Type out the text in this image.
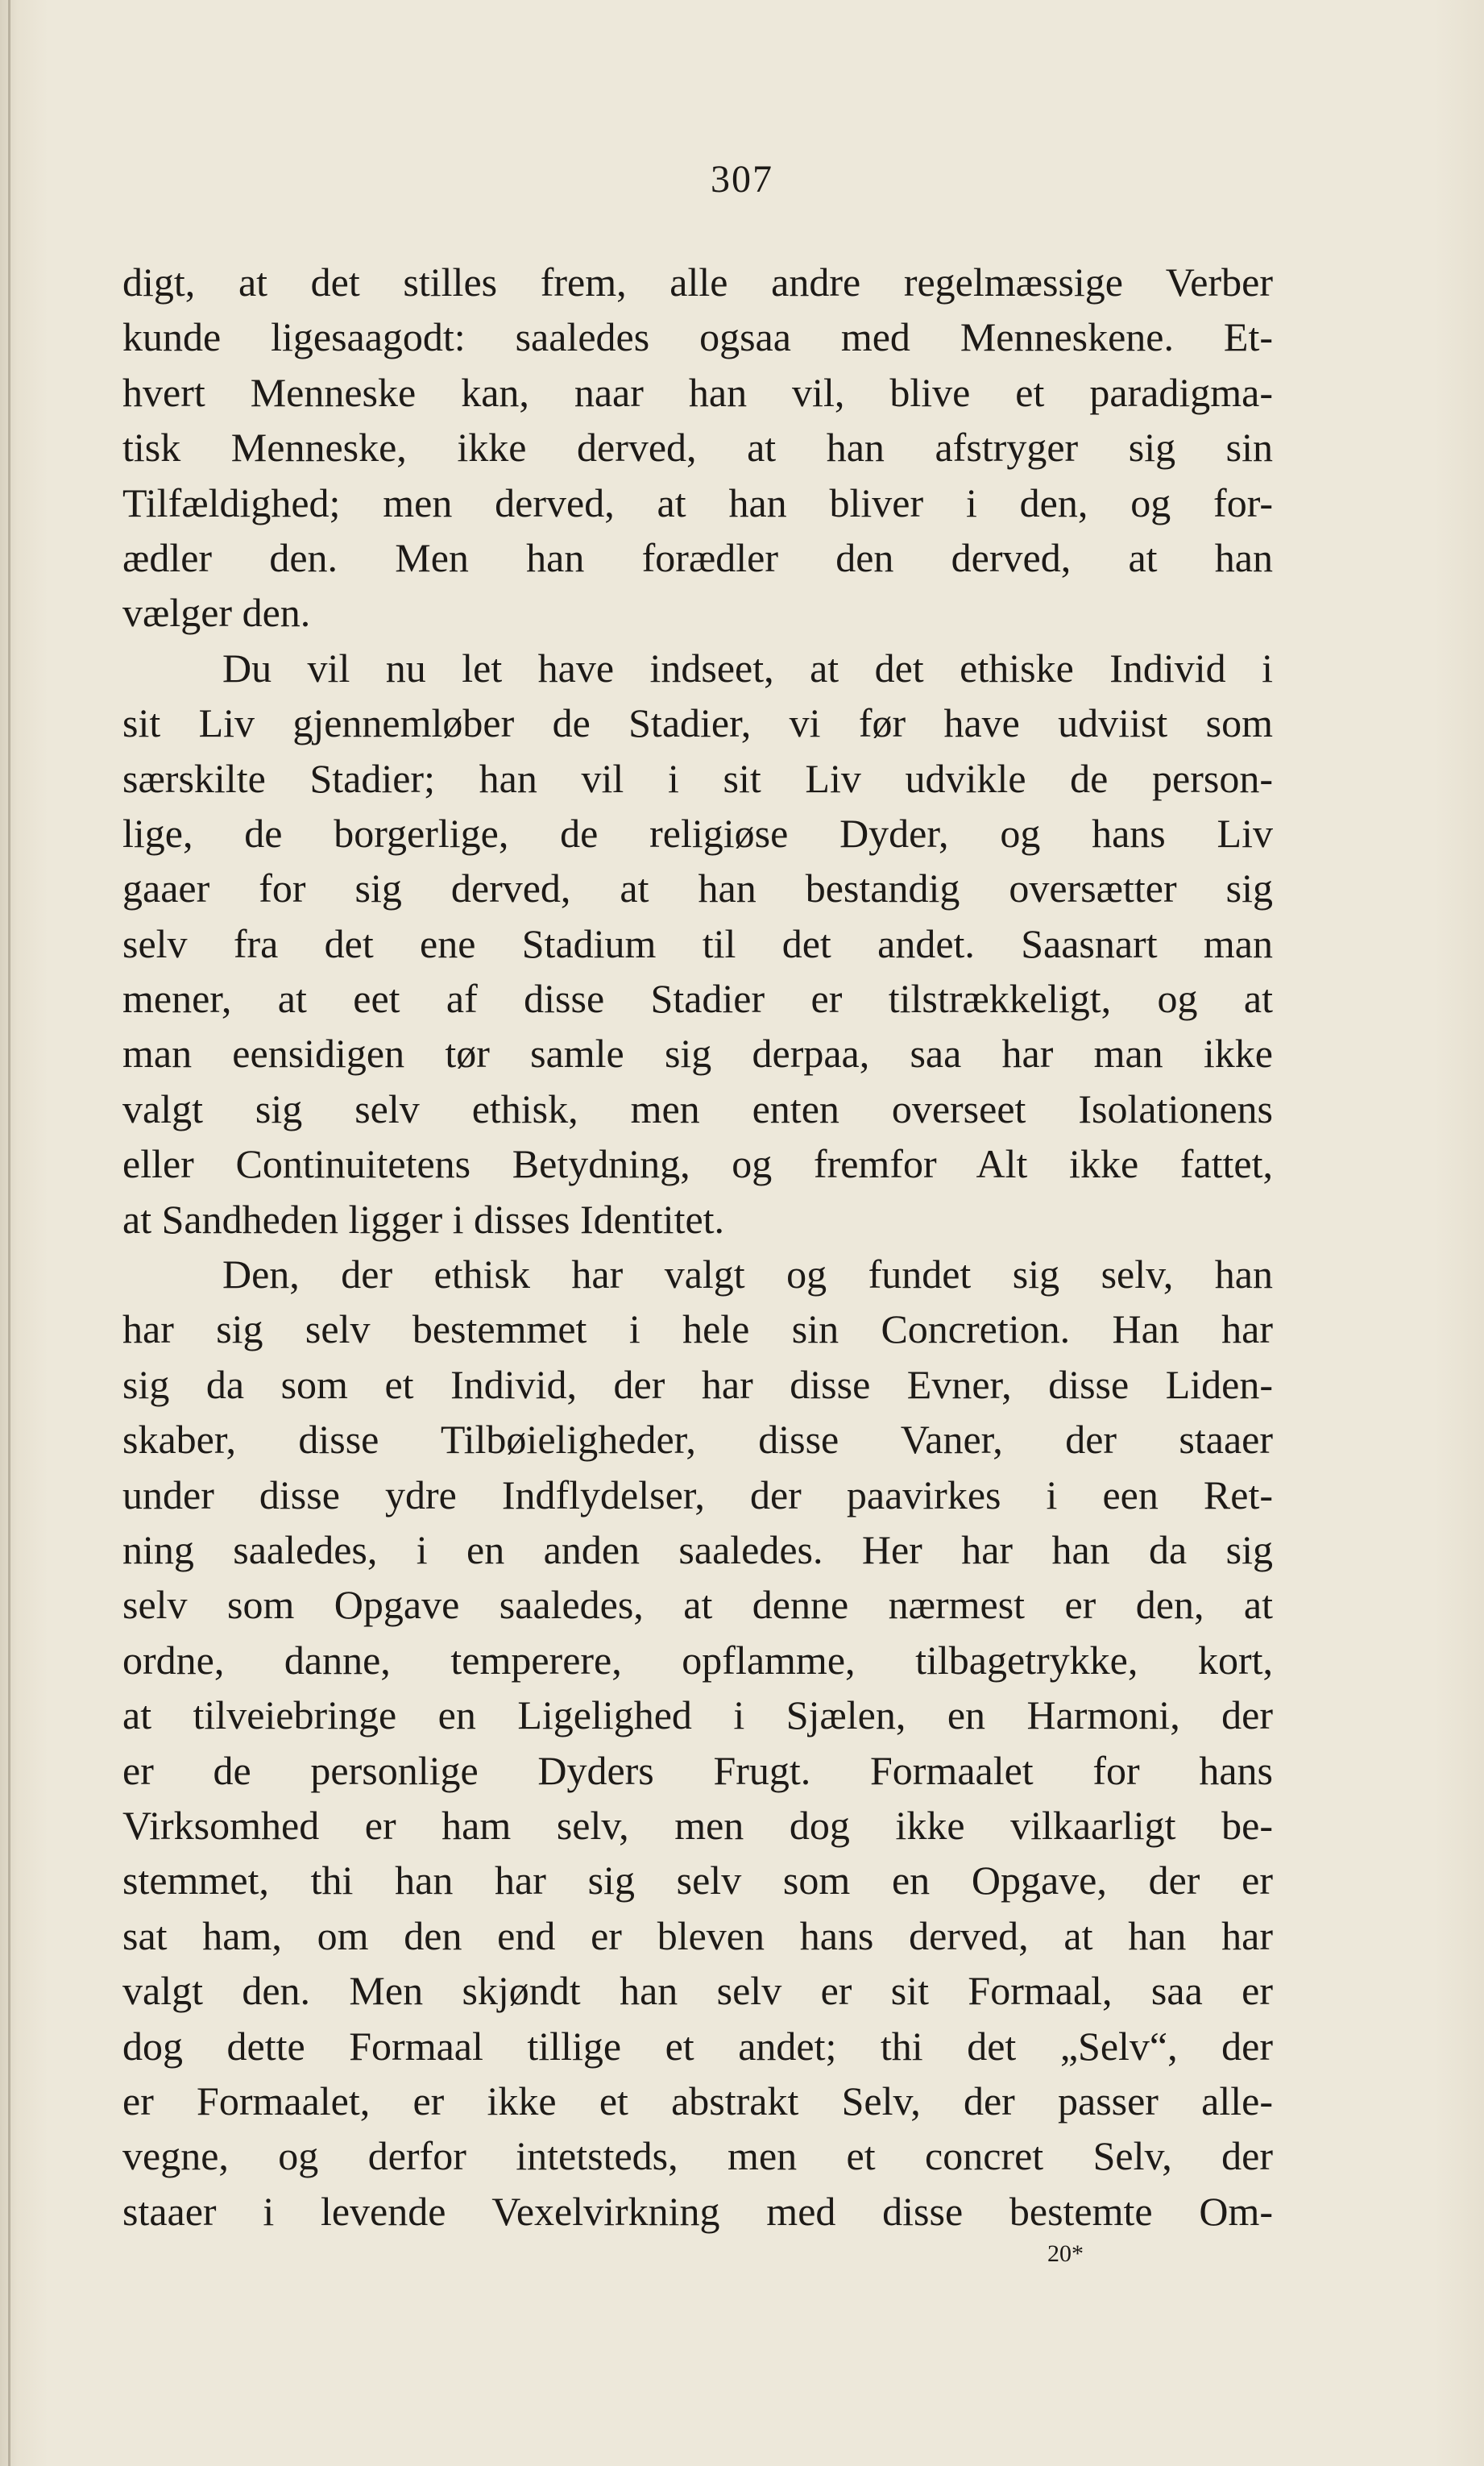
307
digt, at det stilles frem, alle andre regelmæssige Verber
kunde ligesaagodt: saaledes ogsaa med Menneskene. Et-
hvert Menneske kan, naar han vil, blive et paradigma-
tisk Menneske, ikke derved, at han afstryger sig sin
Tilfældighed; men derved, at han bliver i den, og for-
ædler den. Men han forædler den derved, at han
vælger den.
Du vil nu let have indseet, at det ethiske Individ i
sit Liv gjennemløber de Stadier, vi før have udviist som
særskilte Stadier; han vil i sit Liv udvikle de person-
lige, de borgerlige, de religiøse Dyder, og hans Liv
gaaer for sig derved, at han bestandig oversætter sig
selv fra det ene Stadium til det andet. Saasnart man
mener, at eet af disse Stadier er tilstrækkeligt, og at
man eensidigen tør samle sig derpaa, saa har man ikke
valgt sig selv ethisk, men enten overseet Isolationens
eller Continuitetens Betydning, og fremfor Alt ikke fattet,
at Sandheden ligger i disses Identitet.
Den, der ethisk har valgt og fundet sig selv, han
har sig selv bestemmet i hele sin Concretion. Han har
sig da som et Individ, der har disse Evner, disse Liden-
skaber, disse Tilbøieligheder, disse Vaner, der staaer
under disse ydre Indflydelser, der paavirkes i een Ret-
ning saaledes, i en anden saaledes. Her har han da sig
selv som Opgave saaledes, at denne nærmest er den, at
ordne, danne, temperere, opflamme, tilbagetrykke, kort,
at tilveiebringe en Ligelighed i Sjælen, en Harmoni, der
er de personlige Dyders Frugt. Formaalet for hans
Virksomhed er ham selv, men dog ikke vilkaarligt be-
stemmet, thi han har sig selv som en Opgave, der er
sat ham, om den end er bleven hans derved, at han har
valgt den. Men skjøndt han selv er sit Formaal, saa er
dog dette Formaal tillige et andet; thi det „Selv“, der
er Formaalet, er ikke et abstrakt Selv, der passer alle-
vegne, og derfor intetsteds, men et concret Selv, der
staaer i levende Vexelvirkning med disse bestemte Om-
20*
